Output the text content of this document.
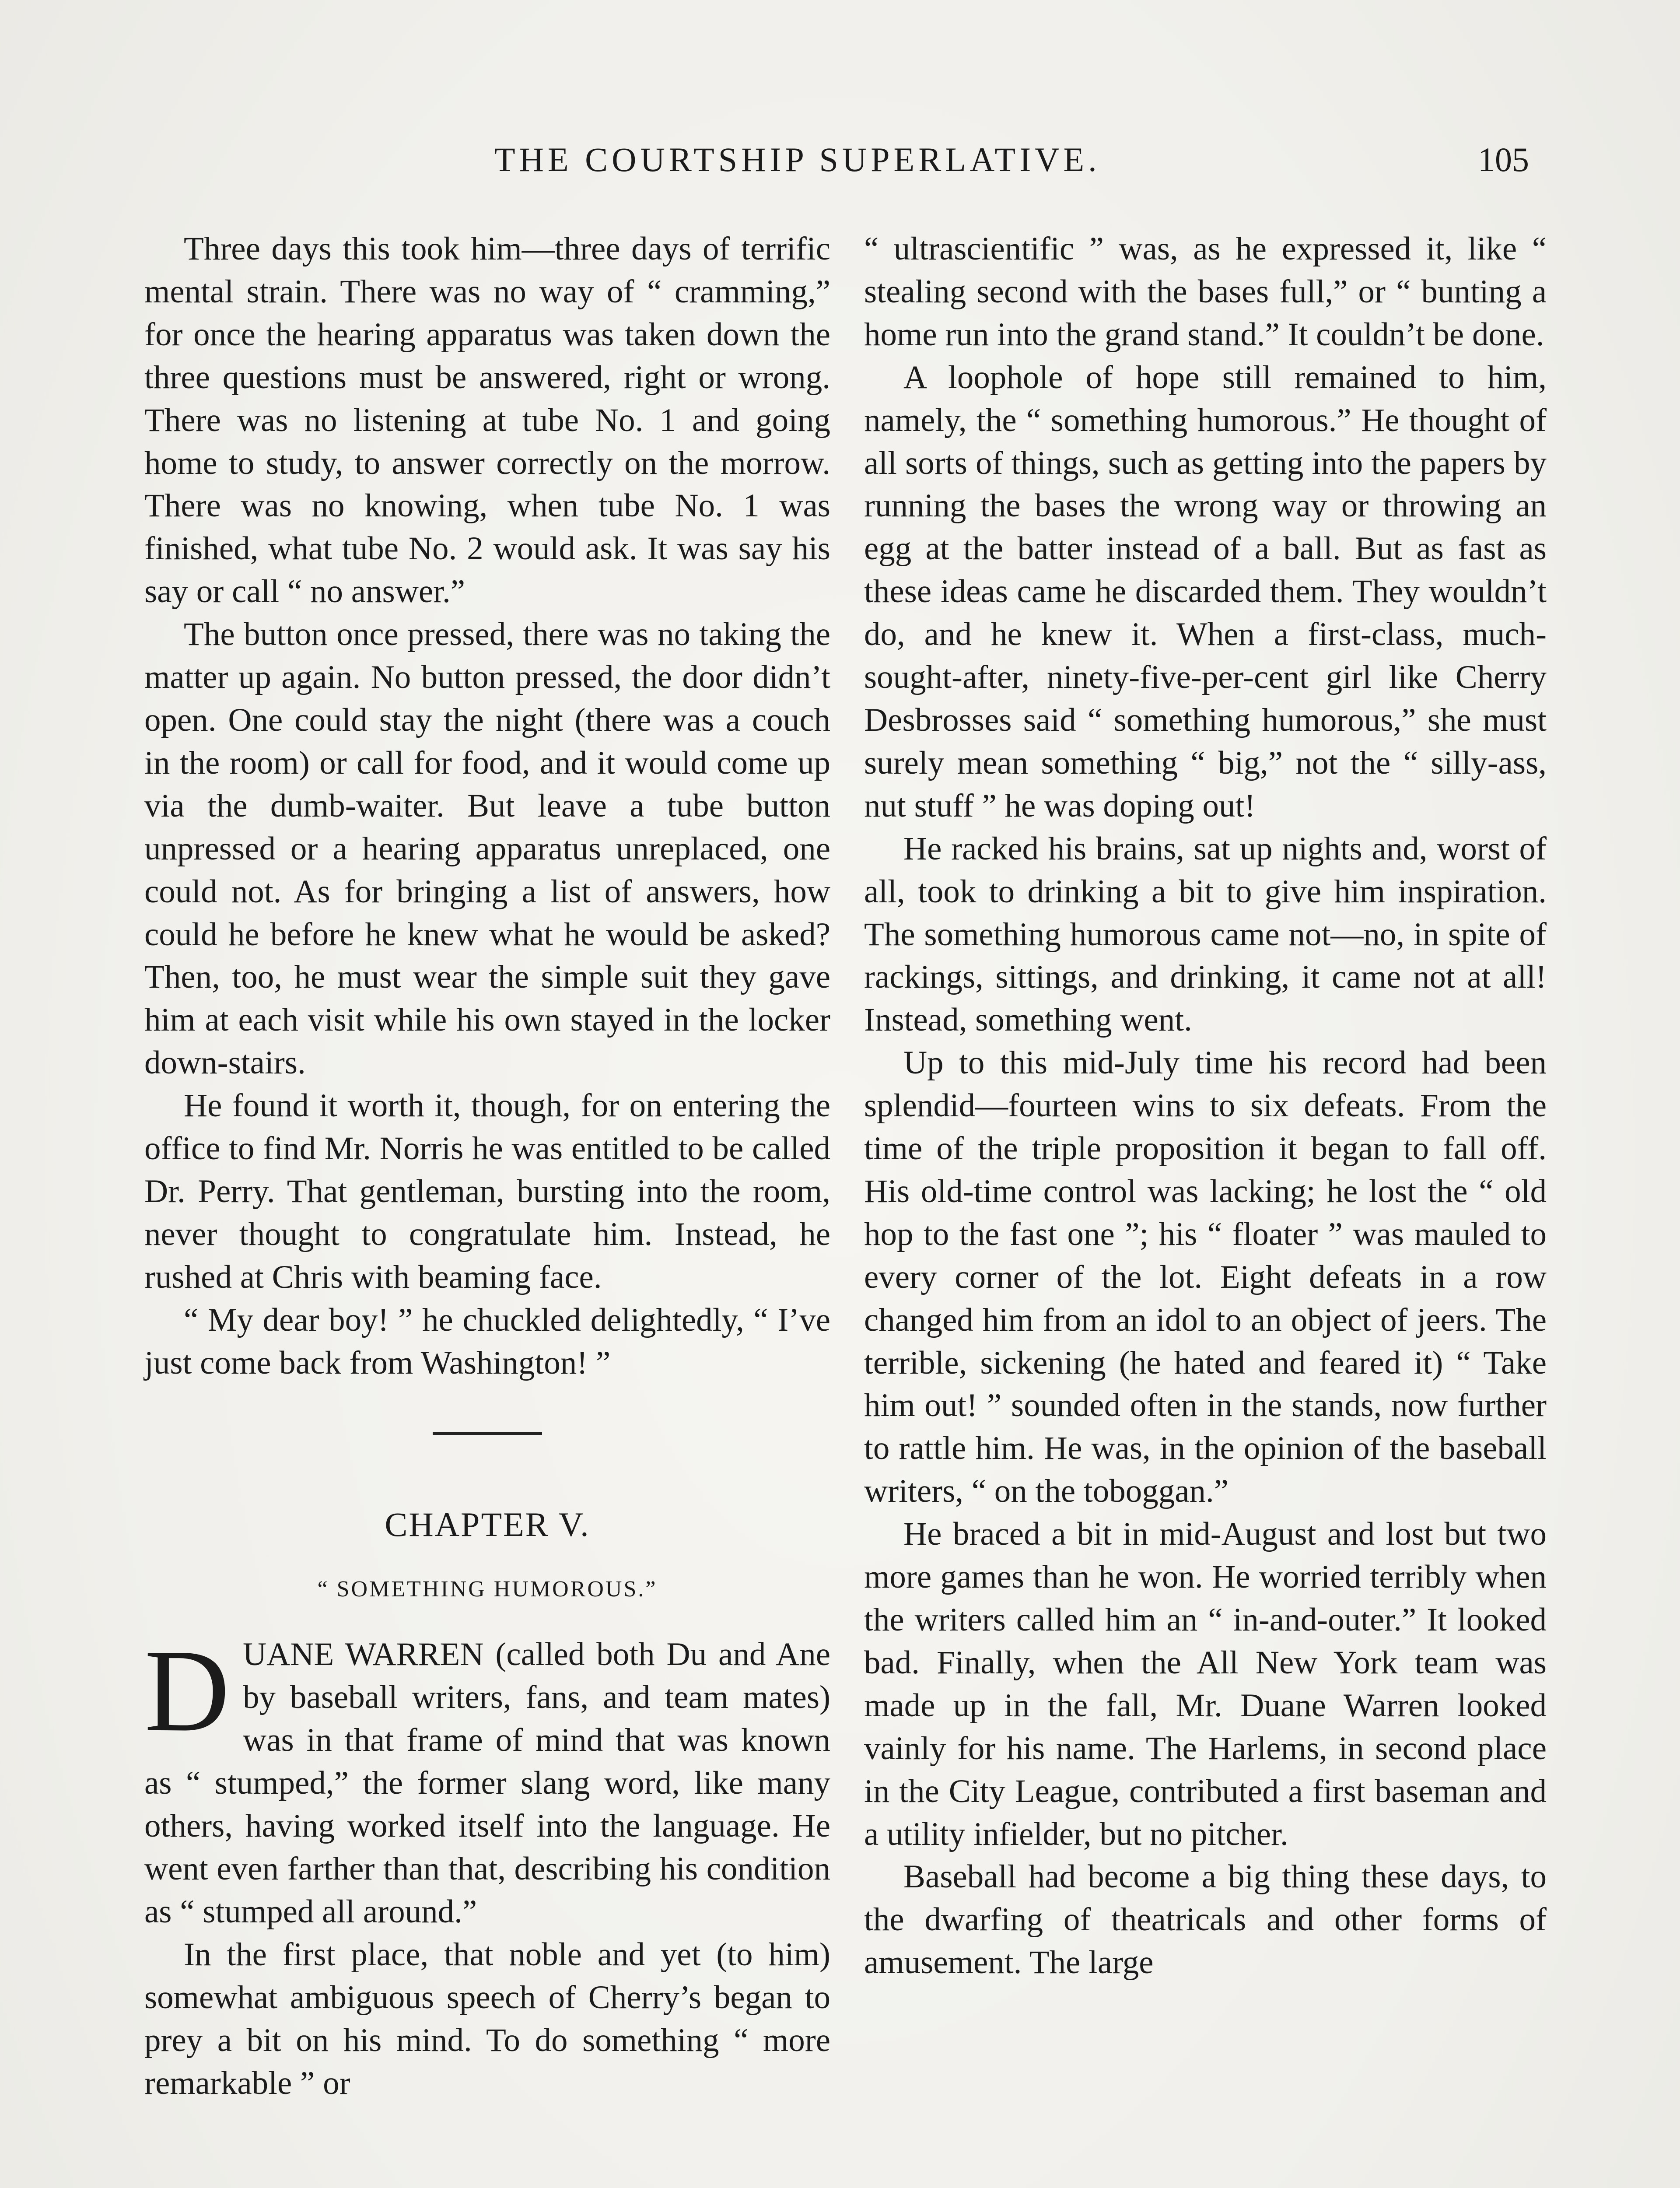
THE COURTSHIP SUPERLATIVE.	105

Three days this took him—three days of terrific mental strain. There was no way of “ cramming,” for once the hearing apparatus was taken down the three questions must be answered, right or wrong. There was no listening at tube No. 1 and going home to study, to answer correctly on the morrow. There was no knowing, when tube No. 1 was finished, what tube No. 2 would ask. It was say his say or call “ no answer.”

The button once pressed, there was no taking the matter up again. No button pressed, the door didn’t open. One could stay the night (there was a couch in the room) or call for food, and it would come up via the dumb-waiter. But leave a tube button unpressed or a hearing apparatus unreplaced, one could not. As for bringing a list of answers, how could he before he knew what he would be asked? Then, too, he must wear the simple suit they gave him at each visit while his own stayed in the locker down-stairs.

He found it worth it, though, for on entering the office to find Mr. Norris he was entitled to be called Dr. Perry. That gentleman, bursting into the room, never thought to congratulate him. Instead, he rushed at Chris with beaming face.

“ My dear boy! ” he chuckled delightedly, “ I’ve just come back from Washington! ”

CHAPTER V.
“ SOMETHING HUMOROUS.”

DUANE WARREN (called both Du and Ane by baseball writers, fans, and team mates) was in that frame of mind that was known as “ stumped,” the former slang word, like many others, having worked itself into the language. He went even farther than that, describing his condition as “ stumped all around.”

In the first place, that noble and yet (to him) somewhat ambiguous speech of Cherry’s began to prey a bit on his mind. To do something “ more remarkable ” or

“ ultrascientific ” was, as he expressed it, like “ stealing second with the bases full,” or “ bunting a home run into the grand stand.” It couldn’t be done.

A loophole of hope still remained to him, namely, the “ something humorous.” He thought of all sorts of things, such as getting into the papers by running the bases the wrong way or throwing an egg at the batter instead of a ball. But as fast as these ideas came he discarded them. They wouldn’t do, and he knew it. When a first-class, much-sought-after, ninety-five-per-cent girl like Cherry Desbrosses said “ something humorous,” she must surely mean something “ big,” not the “ silly-ass, nut stuff ” he was doping out!

He racked his brains, sat up nights and, worst of all, took to drinking a bit to give him inspiration. The something humorous came not—no, in spite of rackings, sittings, and drinking, it came not at all! Instead, something went.

Up to this mid-July time his record had been splendid—fourteen wins to six defeats. From the time of the triple proposition it began to fall off. His old-time control was lacking; he lost the “ old hop to the fast one ”; his “ floater ” was mauled to every corner of the lot. Eight defeats in a row changed him from an idol to an object of jeers. The terrible, sickening (he hated and feared it) “ Take him out! ” sounded often in the stands, now further to rattle him. He was, in the opinion of the baseball writers, “ on the toboggan.”

He braced a bit in mid-August and lost but two more games than he won. He worried terribly when the writers called him an “ in-and-outer.” It looked bad. Finally, when the All New York team was made up in the fall, Mr. Duane Warren looked vainly for his name. The Harlems, in second place in the City League, contributed a first baseman and a utility infielder, but no pitcher.

Baseball had become a big thing these days, to the dwarfing of theatricals and other forms of amusement. The large
